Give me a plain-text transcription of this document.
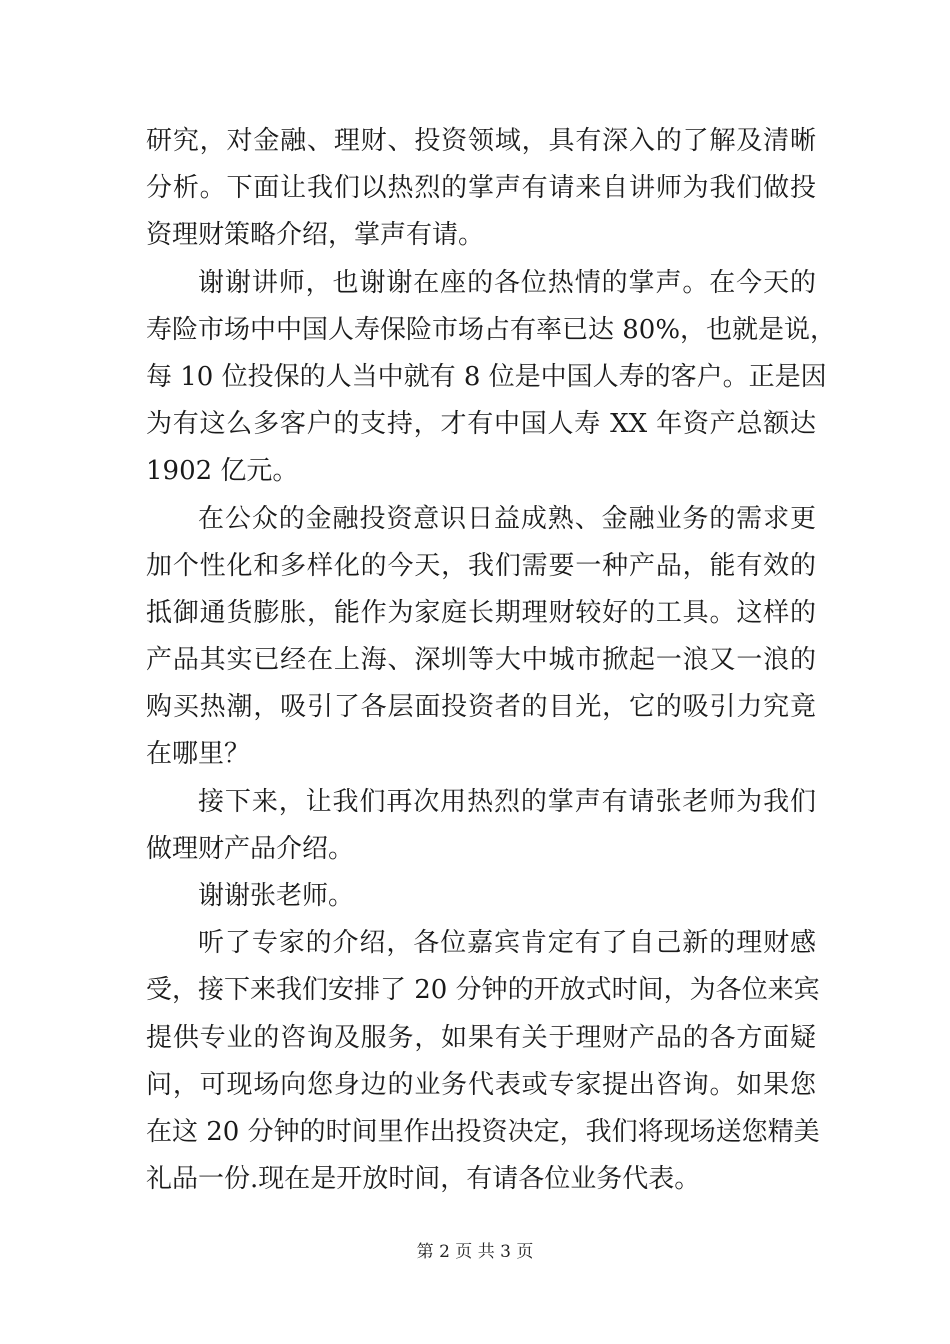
研究，对金融、理财、投资领域，具有深入的了解及清晰
分析。下面让我们以热烈的掌声有请来自讲师为我们做投
资理财策略介绍，掌声有请。
谢谢讲师，也谢谢在座的各位热情的掌声。在今天的
寿险市场中中国人寿保险市场占有率已达 80%，也就是说，
每 10 位投保的人当中就有 8 位是中国人寿的客户。正是因
为有这么多客户的支持，才有中国人寿 XX 年资产总额达
1902 亿元。
在公众的金融投资意识日益成熟、金融业务的需求更
加个性化和多样化的今天，我们需要一种产品，能有效的
抵御通货膨胀，能作为家庭长期理财较好的工具。这样的
产品其实已经在上海、深圳等大中城市掀起一浪又一浪的
购买热潮，吸引了各层面投资者的目光，它的吸引力究竟
在哪里？
接下来，让我们再次用热烈的掌声有请张老师为我们
做理财产品介绍。
谢谢张老师。
听了专家的介绍，各位嘉宾肯定有了自己新的理财感
受，接下来我们安排了 20 分钟的开放式时间，为各位来宾
提供专业的咨询及服务，如果有关于理财产品的各方面疑
问，可现场向您身边的业务代表或专家提出咨询。如果您
在这 20 分钟的时间里作出投资决定，我们将现场送您精美
礼品一份.现在是开放时间，有请各位业务代表。
第 2 页 共 3 页
